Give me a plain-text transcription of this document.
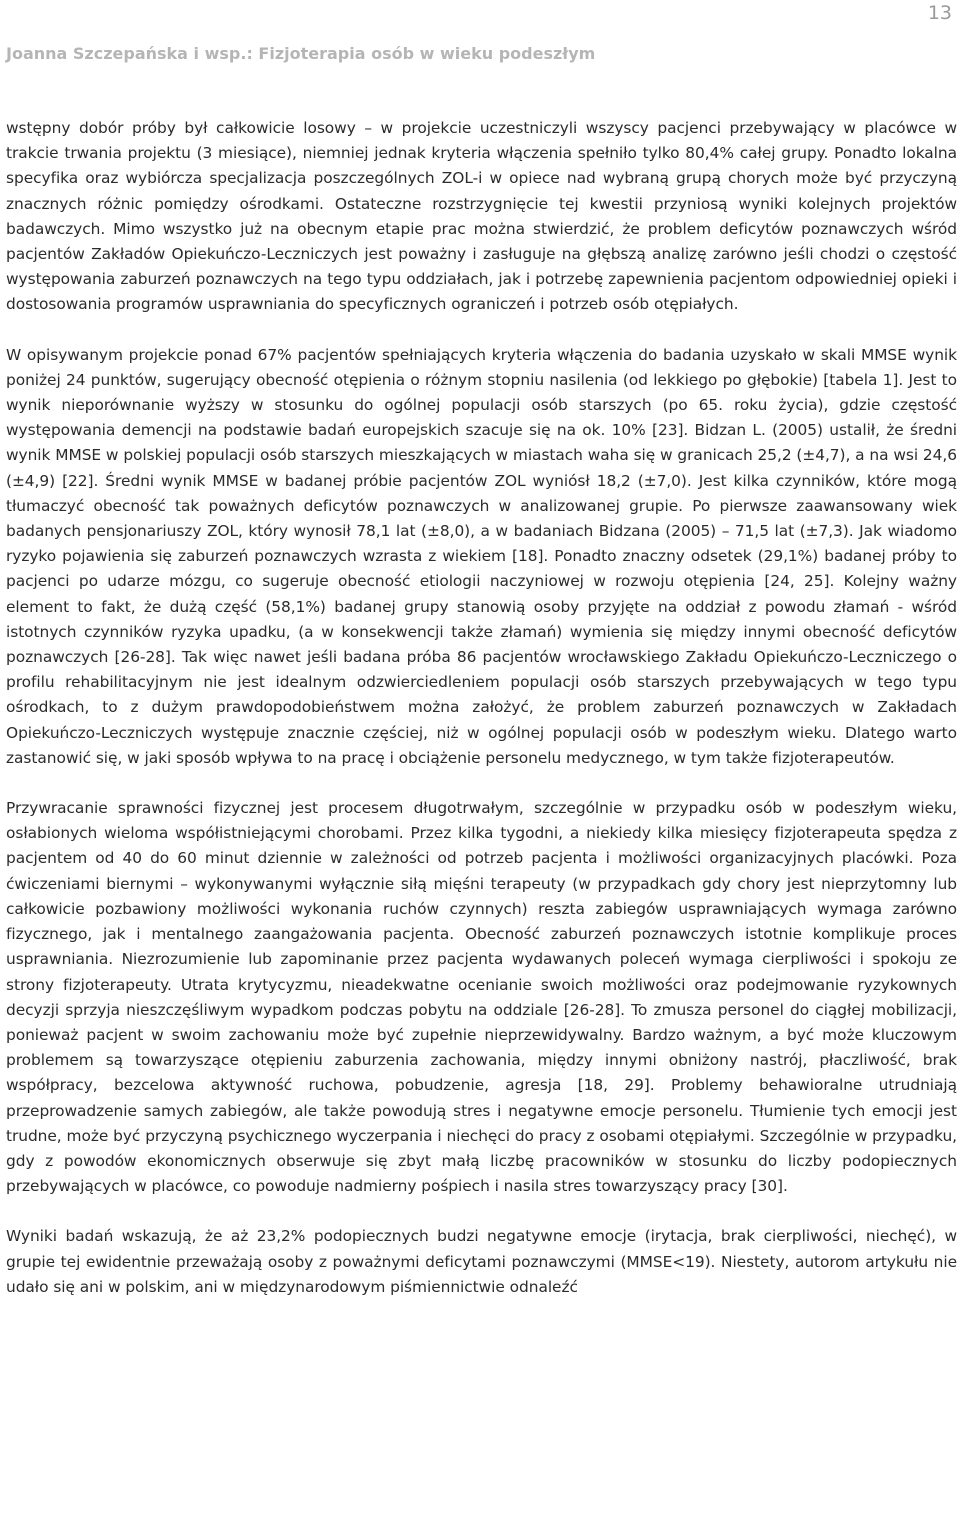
13
Joanna Szczepańska i wsp.: Fizjoterapia osób w wieku podeszłym

wstępny dobór próby był całkowicie losowy – w projekcie uczestniczyli wszyscy pacjenci przebywający w placówce w trakcie trwania projektu (3 miesiące), niemniej jednak kryteria włączenia spełniło tylko 80,4% całej grupy. Ponadto lokalna specyfika oraz wybiórcza specjalizacja poszczególnych ZOL-i w opiece nad wybraną grupą chorych może być przyczyną znacznych różnic pomiędzy ośrodkami. Ostateczne rozstrzygnięcie tej kwestii przyniosą wyniki kolejnych projektów badawczych. Mimo wszystko już na obecnym etapie prac można stwierdzić, że problem deficytów poznawczych wśród pacjentów Zakładów Opiekuńczo-Leczniczych jest poważny i zasługuje na głębszą analizę zarówno jeśli chodzi o częstość występowania zaburzeń poznawczych na tego typu oddziałach, jak i potrzebę zapewnienia pacjentom odpowiedniej opieki i dostosowania programów usprawniania do specyficznych ograniczeń i potrzeb osób otępiałych.

W opisywanym projekcie ponad 67% pacjentów spełniających kryteria włączenia do badania uzyskało w skali MMSE wynik poniżej 24 punktów, sugerujący obecność otępienia o różnym stopniu nasilenia (od lekkiego po głębokie) [tabela 1]. Jest to wynik nieporównanie wyższy w stosunku do ogólnej populacji osób starszych (po 65. roku życia), gdzie częstość występowania demencji na podstawie badań europejskich szacuje się na ok. 10% [23]. Bidzan L. (2005) ustalił, że średni wynik MMSE w polskiej populacji osób starszych mieszkających w miastach waha się w granicach 25,2 (±4,7), a na wsi 24,6 (±4,9) [22]. Średni wynik MMSE w badanej próbie pacjentów ZOL wyniósł 18,2 (±7,0). Jest kilka czynników, które mogą tłumaczyć obecność tak poważnych deficytów poznawczych w analizowanej grupie. Po pierwsze zaawansowany wiek badanych pensjonariuszy ZOL, który wynosił 78,1 lat (±8,0), a w badaniach Bidzana (2005) – 71,5 lat (±7,3). Jak wiadomo ryzyko pojawienia się zaburzeń poznawczych wzrasta z wiekiem [18]. Ponadto znaczny odsetek (29,1%) badanej próby to pacjenci po udarze mózgu, co sugeruje obecność etiologii naczyniowej w rozwoju otępienia [24, 25]. Kolejny ważny element to fakt, że dużą część (58,1%) badanej grupy stanowią osoby przyjęte na oddział z powodu złamań - wśród istotnych czynników ryzyka upadku, (a w konsekwencji także złamań) wymienia się między innymi obecność deficytów poznawczych [26-28]. Tak więc nawet jeśli badana próba 86 pacjentów wrocławskiego Zakładu Opiekuńczo-Leczniczego o profilu rehabilitacyjnym nie jest idealnym odzwierciedleniem populacji osób starszych przebywających w tego typu ośrodkach, to z dużym prawdopodobieństwem można założyć, że problem zaburzeń poznawczych w Zakładach Opiekuńczo-Leczniczych występuje znacznie częściej, niż w ogólnej populacji osób w podeszłym wieku. Dlatego warto zastanowić się, w jaki sposób wpływa to na pracę i obciążenie personelu medycznego, w tym także fizjoterapeutów.

Przywracanie sprawności fizycznej jest procesem długotrwałym, szczególnie w przypadku osób w podeszłym wieku, osłabionych wieloma współistniejącymi chorobami. Przez kilka tygodni, a niekiedy kilka miesięcy fizjoterapeuta spędza z pacjentem od 40 do 60 minut dziennie w zależności od potrzeb pacjenta i możliwości organizacyjnych placówki. Poza ćwiczeniami biernymi – wykonywanymi wyłącznie siłą mięśni terapeuty (w przypadkach gdy chory jest nieprzytomny lub całkowicie pozbawiony możliwości wykonania ruchów czynnych) reszta zabiegów usprawniających wymaga zarówno fizycznego, jak i mentalnego zaangażowania pacjenta. Obecność zaburzeń poznawczych istotnie komplikuje proces usprawniania. Niezrozumienie lub zapominanie przez pacjenta wydawanych poleceń wymaga cierpliwości i spokoju ze strony fizjoterapeuty. Utrata krytycyzmu, nieadekwatne ocenianie swoich możliwości oraz podejmowanie ryzykownych decyzji sprzyja nieszczęśliwym wypadkom podczas pobytu na oddziale [26-28]. To zmusza personel do ciągłej mobilizacji, ponieważ pacjent w swoim zachowaniu może być zupełnie nieprzewidywalny. Bardzo ważnym, a być może kluczowym problemem są towarzyszące otępieniu zaburzenia zachowania, między innymi obniżony nastrój, płaczliwość, brak współpracy, bezcelowa aktywność ruchowa, pobudzenie, agresja [18, 29]. Problemy behawioralne utrudniają przeprowadzenie samych zabiegów, ale także powodują stres i negatywne emocje personelu. Tłumienie tych emocji jest trudne, może być przyczyną psychicznego wyczerpania i niechęci do pracy z osobami otępiałymi. Szczególnie w przypadku, gdy z powodów ekonomicznych obserwuje się zbyt małą liczbę pracowników w stosunku do liczby podopiecznych przebywających w placówce, co powoduje nadmierny pośpiech i nasila stres towarzyszący pracy [30].

Wyniki badań wskazują, że aż 23,2% podopiecznych budzi negatywne emocje (irytacja, brak cierpliwości, niechęć), w grupie tej ewidentnie przeważają osoby z poważnymi deficytami poznawczymi (MMSE<19). Niestety, autorom artykułu nie udało się ani w polskim, ani w międzynarodowym piśmiennictwie odnaleźć
